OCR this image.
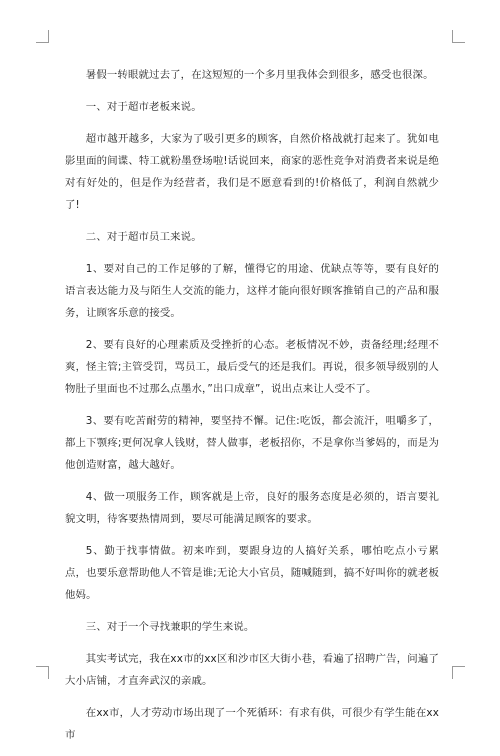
暑假一转眼就过去了，在这短短的一个多月里我体会到很多，感受也很深。

一、对于超市老板来说。

超市越开越多，大家为了吸引更多的顾客，自然价格战就打起来了。犹如电影里面的间谍、特工就粉墨登场啦!话说回来，商家的恶性竞争对消费者来说是绝对有好处的，但是作为经营者，我们是不愿意看到的!价格低了，利润自然就少了!

二、对于超市员工来说。

1、要对自己的工作足够的了解，懂得它的用途、优缺点等等，要有良好的语言表达能力及与陌生人交流的能力，这样才能向很好顾客推销自己的产品和服务，让顾客乐意的接受。

2、要有良好的心理素质及受挫折的心态。老板情况不妙，责备经理;经理不爽，怪主管;主管受罚，骂员工，最后受气的还是我们。再说，很多领导级别的人物肚子里面也不过那么点墨水，”出口成章”，说出点来让人受不了。

3、要有吃苦耐劳的精神，要坚持不懈。记住:吃饭，都会流汗，咀嚼多了，都上下颚疼;更何况拿人钱财，替人做事，老板招你，不是拿你当爹妈的，而是为他创造财富，越大越好。

4、做一项服务工作，顾客就是上帝，良好的服务态度是必须的，语言要礼貌文明，待客要热情周到，要尽可能满足顾客的要求。

5、勤于找事情做。初来咋到，要跟身边的人搞好关系，哪怕吃点小亏累点，也要乐意帮助他人不管是谁;无论大小官员，随喊随到，搞不好叫你的就老板他妈。

三、对于一个寻找兼职的学生来说。

其实考试完，我在xx市的xx区和沙市区大街小巷，看遍了招聘广告，问遍了大小店铺，才直奔武汉的亲戚。

在xx市，人才劳动市场出现了一个死循环：有求有供，可很少有学生能在xx市
